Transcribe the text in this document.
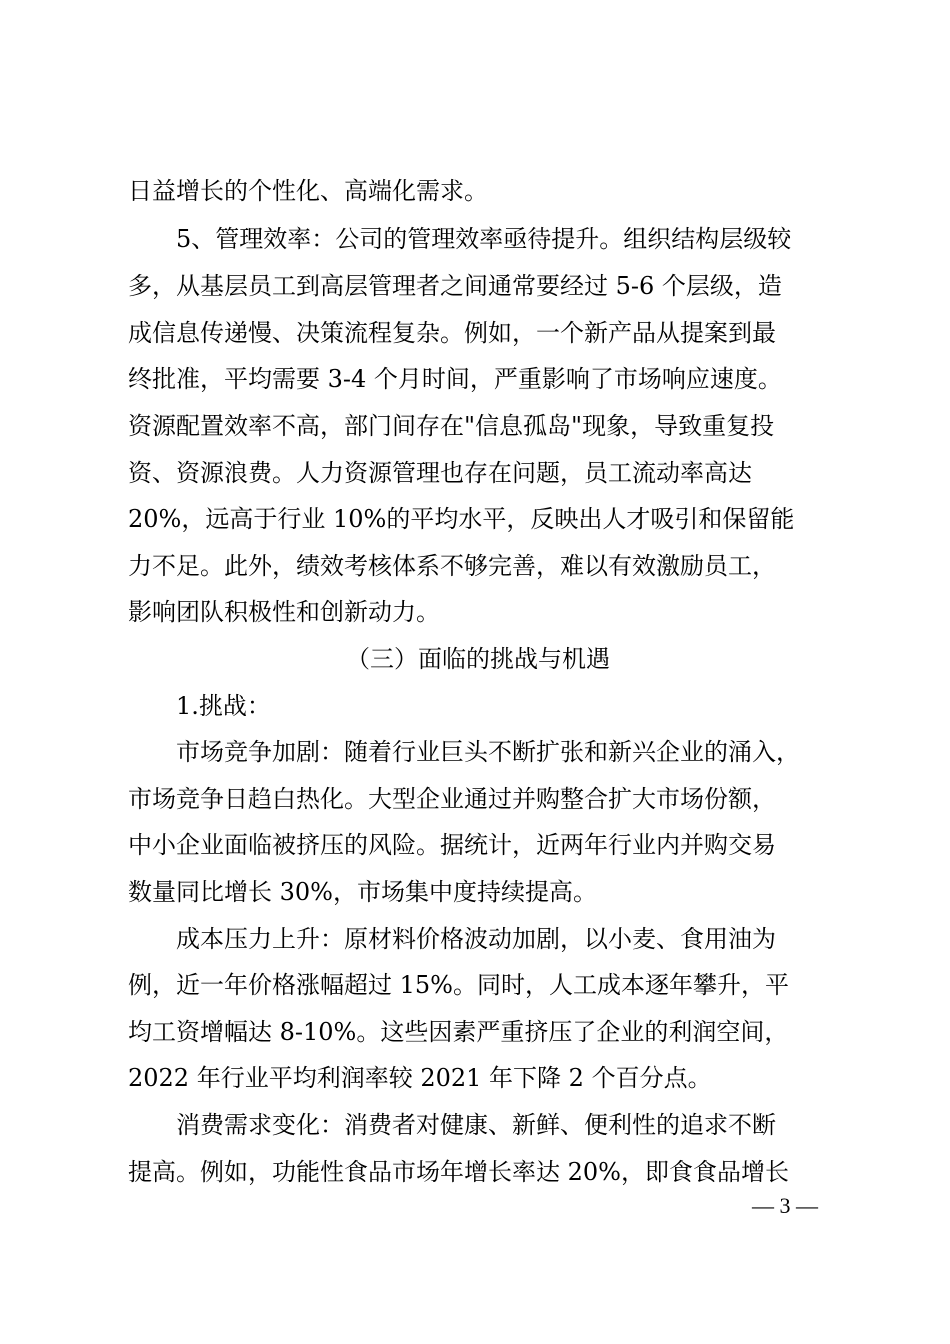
日益增长的个性化、高端化需求。
　　5、管理效率：公司的管理效率亟待提升。组织结构层级较
多，从基层员工到高层管理者之间通常要经过 5-6 个层级，造
成信息传递慢、决策流程复杂。例如，一个新产品从提案到最
终批准，平均需要 3-4 个月时间，严重影响了市场响应速度。
资源配置效率不高，部门间存在"信息孤岛"现象，导致重复投
资、资源浪费。人力资源管理也存在问题，员工流动率高达
20%，远高于行业 10%的平均水平，反映出人才吸引和保留能
力不足。此外，绩效考核体系不够完善，难以有效激励员工，
影响团队积极性和创新动力。
（三）面临的挑战与机遇
　　1.挑战：
　　市场竞争加剧：随着行业巨头不断扩张和新兴企业的涌入，
市场竞争日趋白热化。大型企业通过并购整合扩大市场份额，
中小企业面临被挤压的风险。据统计，近两年行业内并购交易
数量同比增长 30%，市场集中度持续提高。
　　成本压力上升：原材料价格波动加剧，以小麦、食用油为
例，近一年价格涨幅超过 15%。同时，人工成本逐年攀升，平
均工资增幅达 8-10%。这些因素严重挤压了企业的利润空间，
2022 年行业平均利润率较 2021 年下降 2 个百分点。
　　消费需求变化：消费者对健康、新鲜、便利性的追求不断
提高。例如，功能性食品市场年增长率达 20%，即食食品增长
— 3 —
